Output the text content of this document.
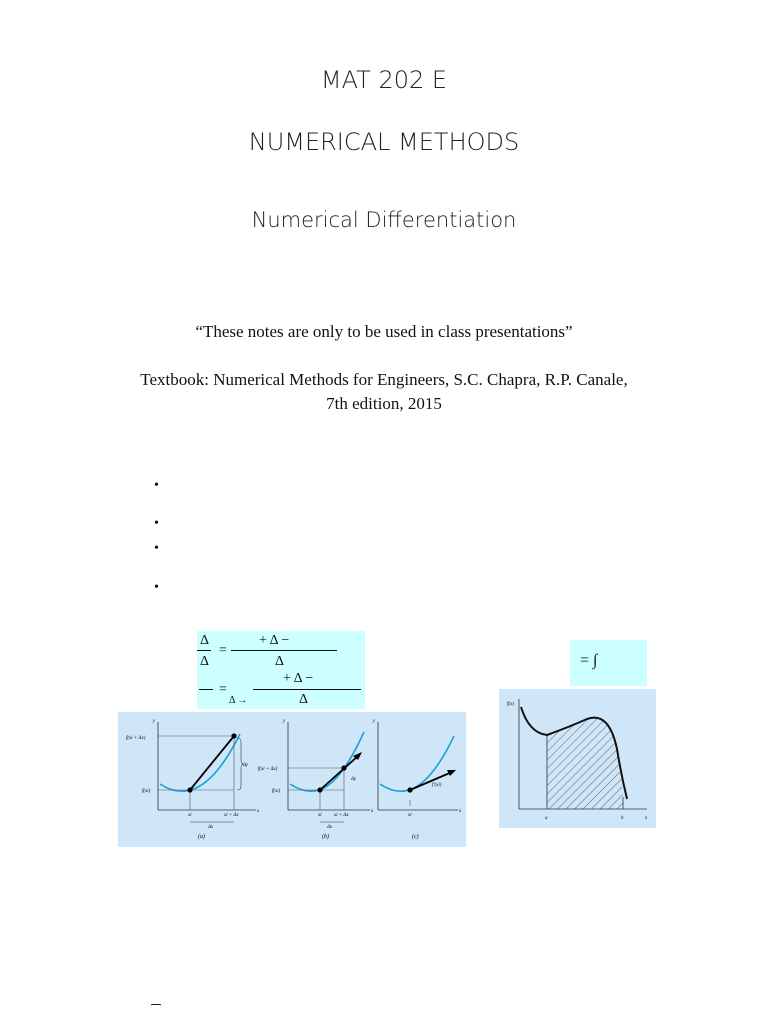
MAT 202 E
NUMERICAL METHODS
Numerical Differentiation
“These notes are only to be used in class presentations”
Textbook: Numerical Methods for Engineers, S.C. Chapra, R.P. Canale,
7th edition, 2015
•
•
•
•
Δ
Δ
=
+ Δ −
Δ
=
Δ →
+ Δ −
Δ
= ∫
f(xi + Δx)
f(xi)
Δy
xi	xi + Δx
Δx
y
x
(a)
f(xi + Δx)
f(xi)
Δy
xi xi + Δx
Δx
y
x
(b)
f′(xi)
xi
y
x
(c)
f(x)
a	b	x
